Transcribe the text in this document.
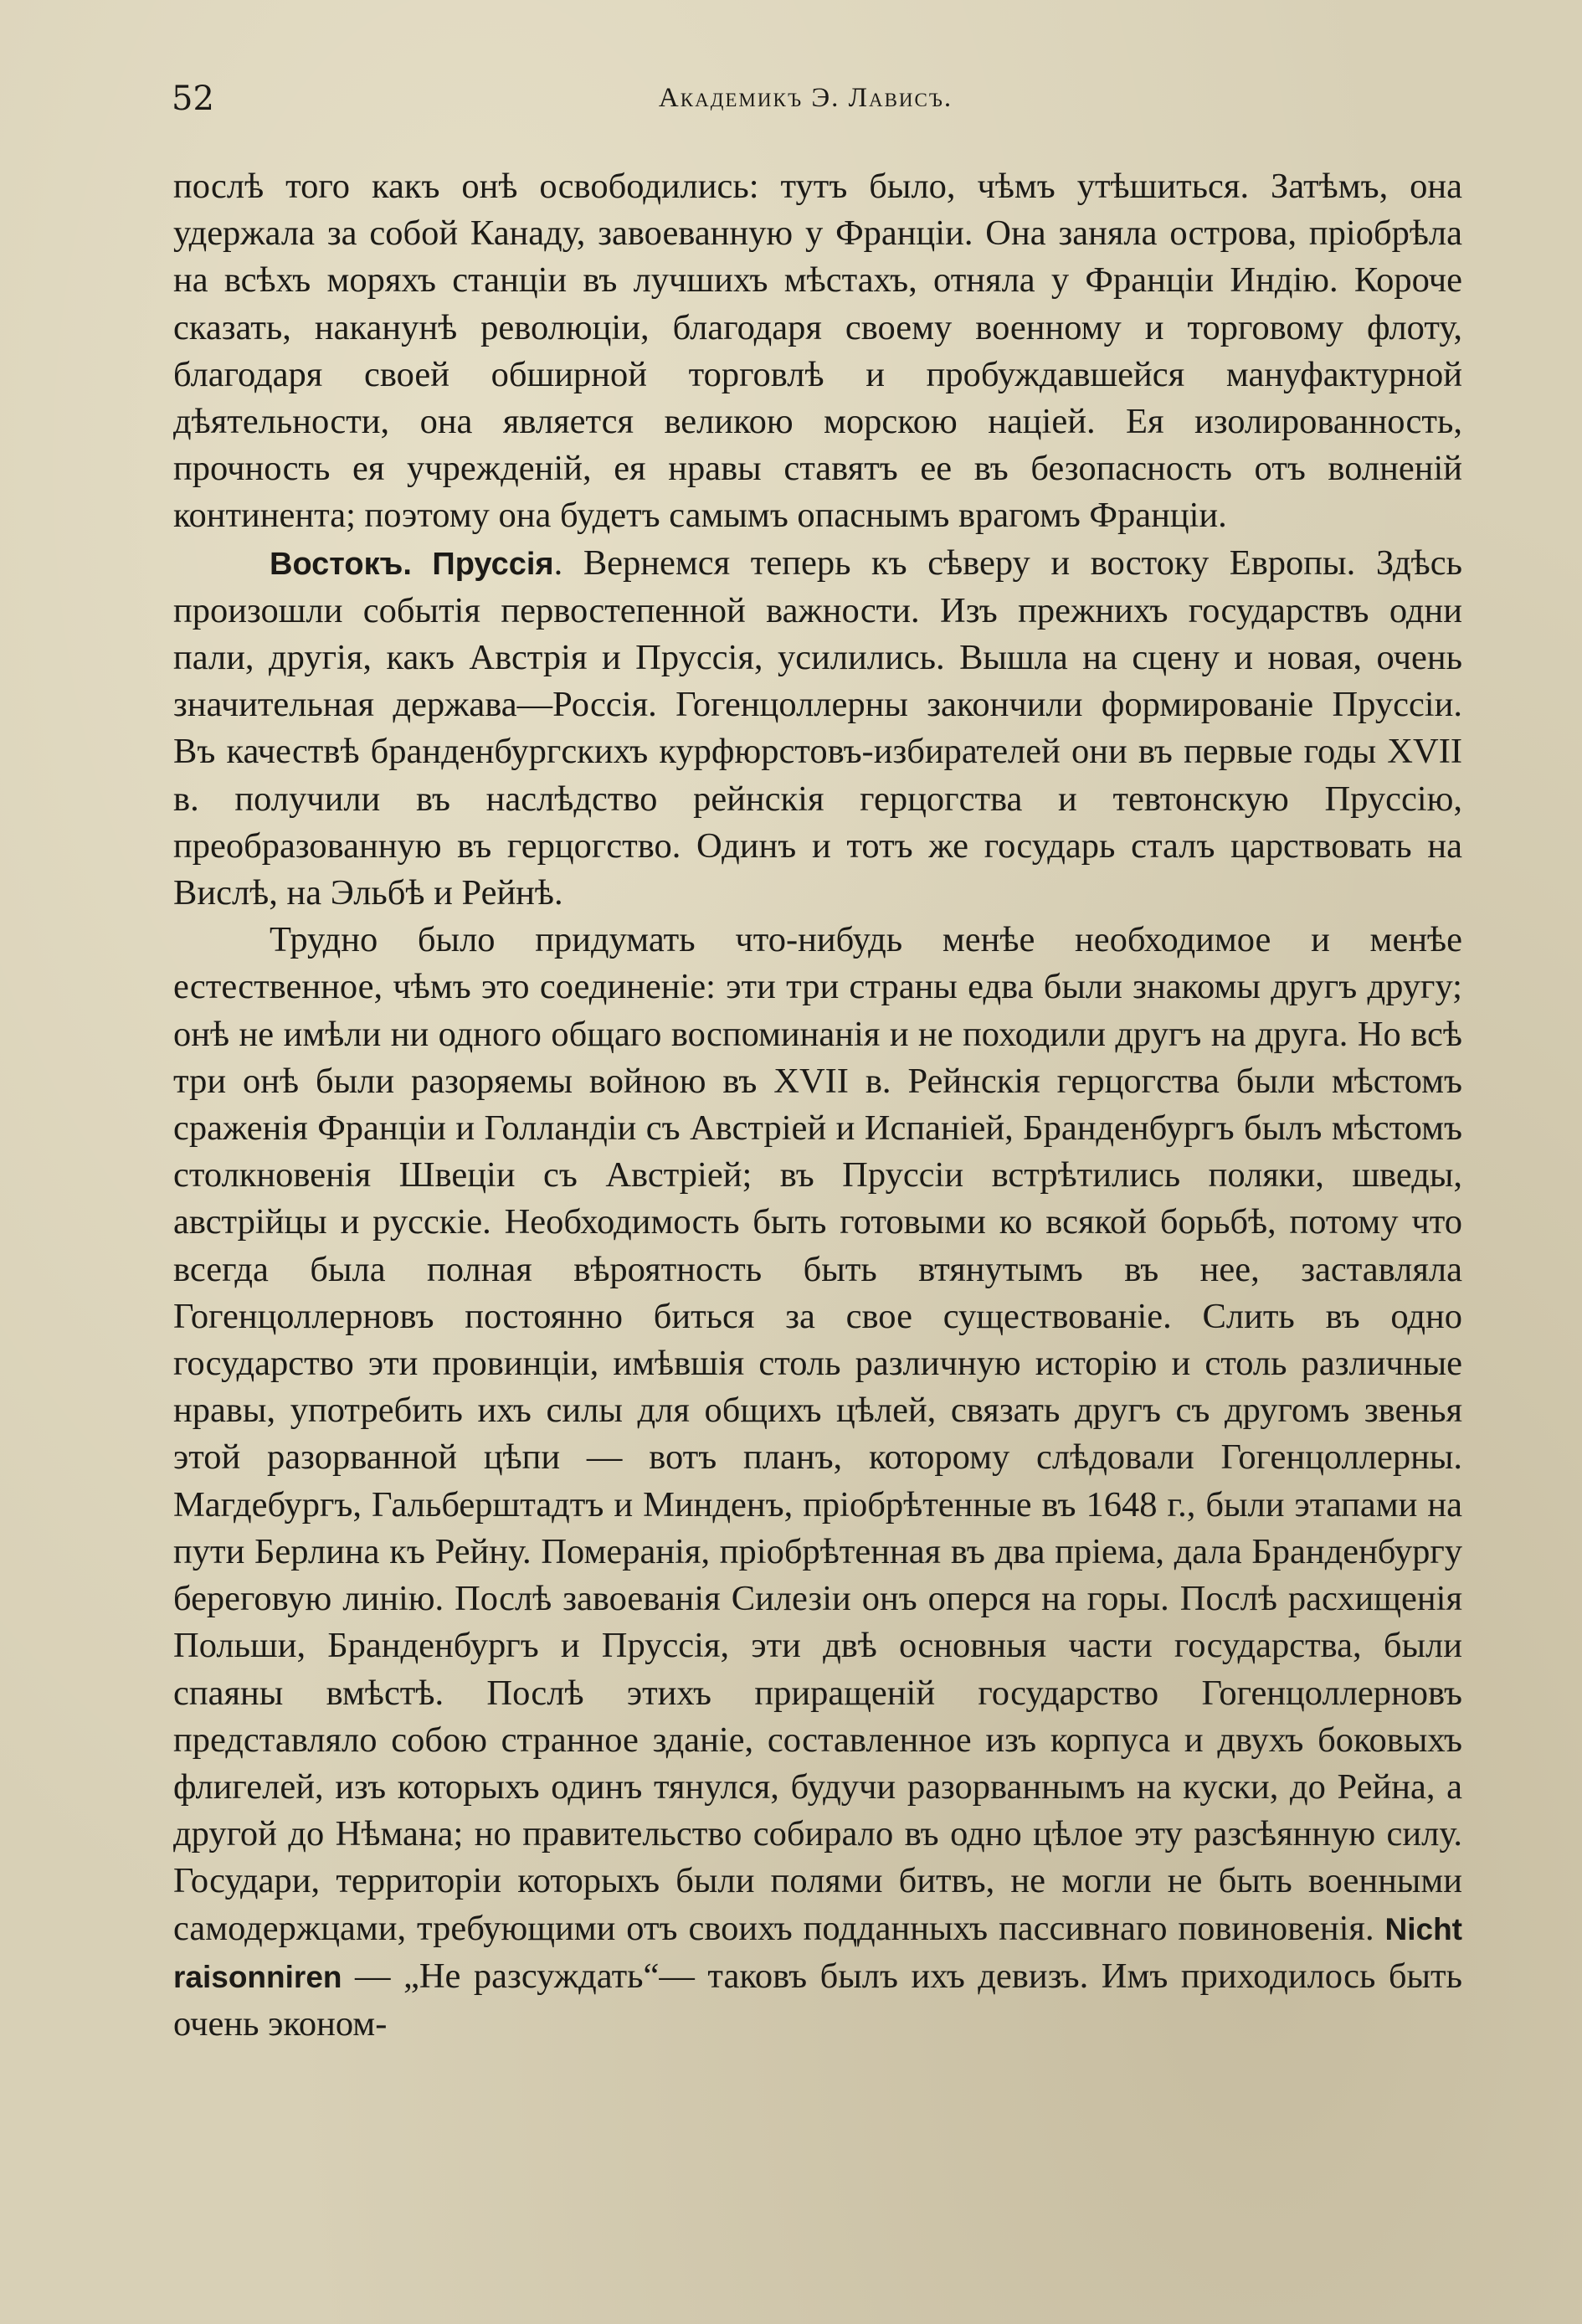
52	Академикъ Э. Лависъ.

послѣ того какъ онѣ освободились: тутъ было, чѣмъ утѣшиться. Затѣмъ, она удержала за собой Канаду, завоеванную у Франціи. Она заняла острова, пріобрѣла на всѣхъ моряхъ станціи въ лучшихъ мѣстахъ, отняла у Франціи Индію. Короче сказать, наканунѣ революціи, благодаря своему военному и торговому флоту, благодаря своей обширной торговлѣ и пробуждавшейся мануфактурной дѣятельности, она является великою морскою націей. Ея изолированность, прочность ея учрежденій, ея нравы ставятъ ее въ безопасность отъ волненій континента; поэтому она будетъ самымъ опаснымъ врагомъ Франціи.

Востокъ. Пруссія. Вернемся теперь къ сѣверу и востоку Европы. Здѣсь произошли событія первостепенной важности. Изъ прежнихъ государствъ одни пали, другія, какъ Австрія и Пруссія, усилились. Вышла на сцену и новая, очень значительная держава—Россія. Гогенцоллерны закончили формированіе Пруссіи. Въ качествѣ бранденбургскихъ курфюрстовъ-избирателей они въ первые годы XVII в. получили въ наслѣдство рейнскія герцогства и тевтонскую Пруссію, преобразованную въ герцогство. Одинъ и тотъ же государь сталъ царствовать на Вислѣ, на Эльбѣ и Рейнѣ.

Трудно было придумать что-нибудь менѣе необходимое и менѣе естественное, чѣмъ это соединеніе: эти три страны едва были знакомы другъ другу; онѣ не имѣли ни одного общаго воспоминанія и не походили другъ на друга. Но всѣ три онѣ были разоряемы войною въ XVII в. Рейнскія герцогства были мѣстомъ сраженія Франціи и Голландіи съ Австріей и Испаніей, Бранденбургъ былъ мѣстомъ столкновенія Швеціи съ Австріей; въ Пруссіи встрѣтились поляки, шведы, австрійцы и русскіе. Необходимость быть готовыми ко всякой борьбѣ, потому что всегда была полная вѣроятность быть втянутымъ въ нее, заставляла Гогенцоллерновъ постоянно биться за свое существованіе. Слить въ одно государство эти провинціи, имѣвшія столь различную исторію и столь различные нравы, употребить ихъ силы для общихъ цѣлей, связать другъ съ другомъ звенья этой разорванной цѣпи — вотъ планъ, которому слѣдовали Гогенцоллерны. Магдебургъ, Гальберштадтъ и Минденъ, пріобрѣтенные въ 1648 г., были этапами на пути Берлина къ Рейну. Померанія, пріобрѣтенная въ два пріема, дала Бранденбургу береговую линію. Послѣ завоеванія Силезіи онъ оперся на горы. Послѣ расхищенія Польши, Бранденбургъ и Пруссія, эти двѣ основныя части государства, были спаяны вмѣстѣ. Послѣ этихъ приращеній государство Гогенцоллерновъ представляло собою странное зданіе, составленное изъ корпуса и двухъ боковыхъ флигелей, изъ которыхъ одинъ тянулся, будучи разорваннымъ на куски, до Рейна, а другой до Нѣмана; но правительство собирало въ одно цѣлое эту разсѣянную силу. Государи, территоріи которыхъ были полями битвъ, не могли не быть военными самодержцами, требующими отъ своихъ подданныхъ пассивнаго повиновенія. Nicht raisonniren — „Не разсуждать“— таковъ былъ ихъ девизъ. Имъ приходилось быть очень эконом-
